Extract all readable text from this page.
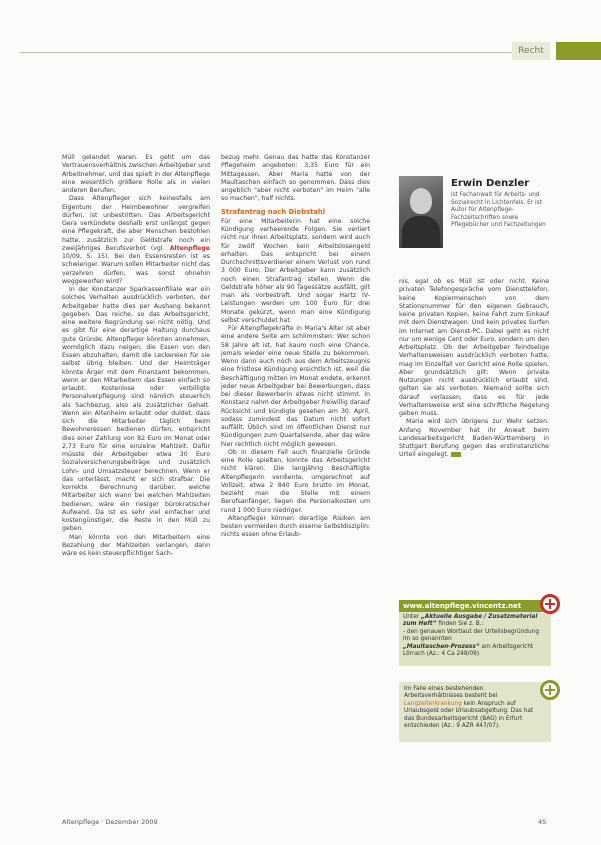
Recht

Müll gelandet waren. Es geht um das Vertrauensverhältnis zwischen Arbeitgeber und Arbeitnehmer, und das spielt in der Altenpflege eine wesentlich größere Rolle als in vielen anderen Berufen.

Dass Altenpfleger sich keinesfalls am Eigentum der Heimbewohner vergreifen dürfen, ist unbestritten. Das Arbeitsgericht Gera verkündete deshalb erst unlängst gegen eine Pflegekraft, die aber Menschen bestohlen hatte, zusätzlich zur Geldstrafe noch ein zweijähriges Berufsverbot (vgl. Altenpflege 10/09, S. 15). Bei den Essensresten ist es schwieriger. Warum sollen Mitarbeiter nicht das verzehren dürfen, was sonst ohnehin weggeworfen wird?

In der Konstanzer Sparkassenfiliale war ein solches Verhalten ausdrücklich verboten, der Arbeitgeber hatte dies per Aushang bekannt gegeben. Das reiche, so das Arbeitsgericht, eine weitere Begründung sei nicht nötig. Und es gibt für eine derartige Haltung durchaus gute Gründe. Altenpfleger könnten annehmen, womöglich dazu neigen, die Essen von den Essen abzuhalten, damit die Leckereien für sie selbst übrig bleiben. Und der Heimträger könnte Ärger mit dem Finanzamt bekommen, wenn er den Mitarbeitern das Essen einfach so erlaubt. Kostenlose oder verbilligte Personalverpflegung sind nämlich steuerlich als Sachbezug, also als zusätzlicher Gehalt. Wenn ein Altenheim erlaubt oder duldet, dass sich die Mitarbeiter täglich beim Bewohneressen bedienen dürfen, entspricht dies einer Zahlung von 82 Euro im Monat oder 2,73 Euro für eine einzelne Mahlzeit. Dafür müsste der Arbeitgeber etwa 30 Euro Sozialversicherungsbeiträge und zusätzlich Lohn- und Umsatzsteuer berechnen. Wenn er das unterlässt, macht er sich strafbar. Die korrekte Berechnung darüber, welche Mitarbeiter sich wann bei welchen Mahlzeiten bedienen, wäre ein riesiger bürokratischer Aufwand. Da ist es sehr viel einfacher und kostengünstiger, die Reste in den Müll zu geben.

Man könnte von den Mitarbeitern eine Bezahlung der Mahlzeiten verlangen, dann wäre es kein steuerpflichtiger Sach-

bezug mehr. Genau das hatte das Konstanzer Pflegeheim angeboten: 3,35 Euro für ein Mittagessen. Aber Maria hatte von der Maultaschen einfach so genommen. Dass dies angeblich "aber nicht verboten" im Heim "alle so machen", half nichts.

Strafantrag nach Diebstahl

Für eine Mitarbeiterin hat eine solche Kündigung verheerende Folgen. Sie verliert nicht nur ihren Arbeitsplatz, sondern wird auch für zwölf Wochen kein Arbeitslosengeld erhalten. Das entspricht bei einem Durchschnittsverdiener einem Verlust von rund 3 000 Euro. Der Arbeitgeber kann zusätzlich noch einen Strafantrag stellen. Wenn die Geldstrafe höher als 90 Tagessätze ausfällt, gilt man als vorbestraft. Und sogar Hartz IV-Leistungen werden um 100 Euro für drei Monate gekürzt, wenn man eine Kündigung selbst verschuldet hat.

Für Altenpflegekräfte in Maria's Alter ist aber eine andere Seite am schlimmsten: Wer schon 58 Jahre alt ist, hat kaum noch eine Chance, jemals wieder eine neue Stelle zu bekommen. Wenn dann auch noch aus dem Arbeitszeugnis eine fristlose Kündigung ersichtlich ist, weil die Beschäftigung mitten im Monat endete, erkennt jeder neue Arbeitgeber bei Bewerbungen, dass bei dieser Bewerberin etwas nicht stimmt. In Konstanz nahm der Arbeitgeber freiwillig darauf Rücksicht und kündigte gesehen am 30. April, sodass zumindest das Datum nicht sofort auffällt. Üblich sind im öffentlichen Dienst nur Kündigungen zum Quartalsende, aber das wäre hier rechtlich nicht möglich gewesen.

Ob in diesem Fall auch finanzielle Gründe eine Rolle spielten, konnte das Arbeitsgericht nicht klären. Die langjährig Beschäftigte Altenpflegerin verdiente, umgerechnet auf Vollzeit, etwa 2 840 Euro brutto im Monat, bezieht man die Stelle mit einem Berufsanfänger, liegen die Personalkosten um rund 1 000 Euro niedriger.

Altenpfleger können derartige Risiken am besten vermeiden durch eiserne Selbstdisziplin: nichts essen ohne Erlaub-

Erwin Denzler
ist Fachanwalt für Arbeits- und Sozialrecht in Lichtenfels. Er ist Autor für Altenpflege-Fachzeitschriften sowie Pflegebücher und Fachzeitungen

nis, egal ob es Müll ist oder nicht. Keine privaten Telefongespräche vom Diensttelefon, keine Kopiermenschen von dem Stationsnummer für den eigenen Gebrauch, keine privaten Kopien, keine Fahrt zum Einkauf mit dem Dienstwagen. Und kein privates Surfen im Internet am Dienst-PC. Dabei geht es nicht nur um wenige Cent oder Euro, sondern um den Arbeitsplatz. Ob der Arbeitgeber feindselige Verhaltensweisen ausdrücklich verboten hatte, mag im Einzelfall vor Gericht eine Rolle spielen. Aber grundsätzlich gilt: Wenn private Nutzungen nicht ausdrücklich erlaubt sind, gelten sie als verboten. Niemand sollte sich darauf verlassen, dass es für jede Verhaltensweise erst eine schriftliche Regelung geben muss.

Maria wird sich übrigens zur Wehr setzen. Anfang November hat ihr Anwalt beim Landesarbeitsgericht Baden-Württemberg in Stuttgart Berufung gegen das erstinstanzliche Urteil eingelegt.

www.altenpflege.vincentz.net
Unter „Aktuelle Ausgabe / Zusatzmaterial zum Heft“ finden Sie z. B.:
- den genauen Wortlaut der Urteilsbegründung im so genannten
„Maultaschen-Prozess“ am Arbeitsgericht Lörrach (Az.: 4 Ca 248/09)
Im Falle eines bestehenden Arbeitsverhältnisses besteht bei Langzeiterkrankung kein Anspruch auf Urlaubsgeld oder Urlaubsabgeltung. Das hat das Bundesarbeitsgericht (BAG) in Erfurt entschieden (Az.: 9 AZR 447/07).
Altenpflege · Dezember 2009	45
